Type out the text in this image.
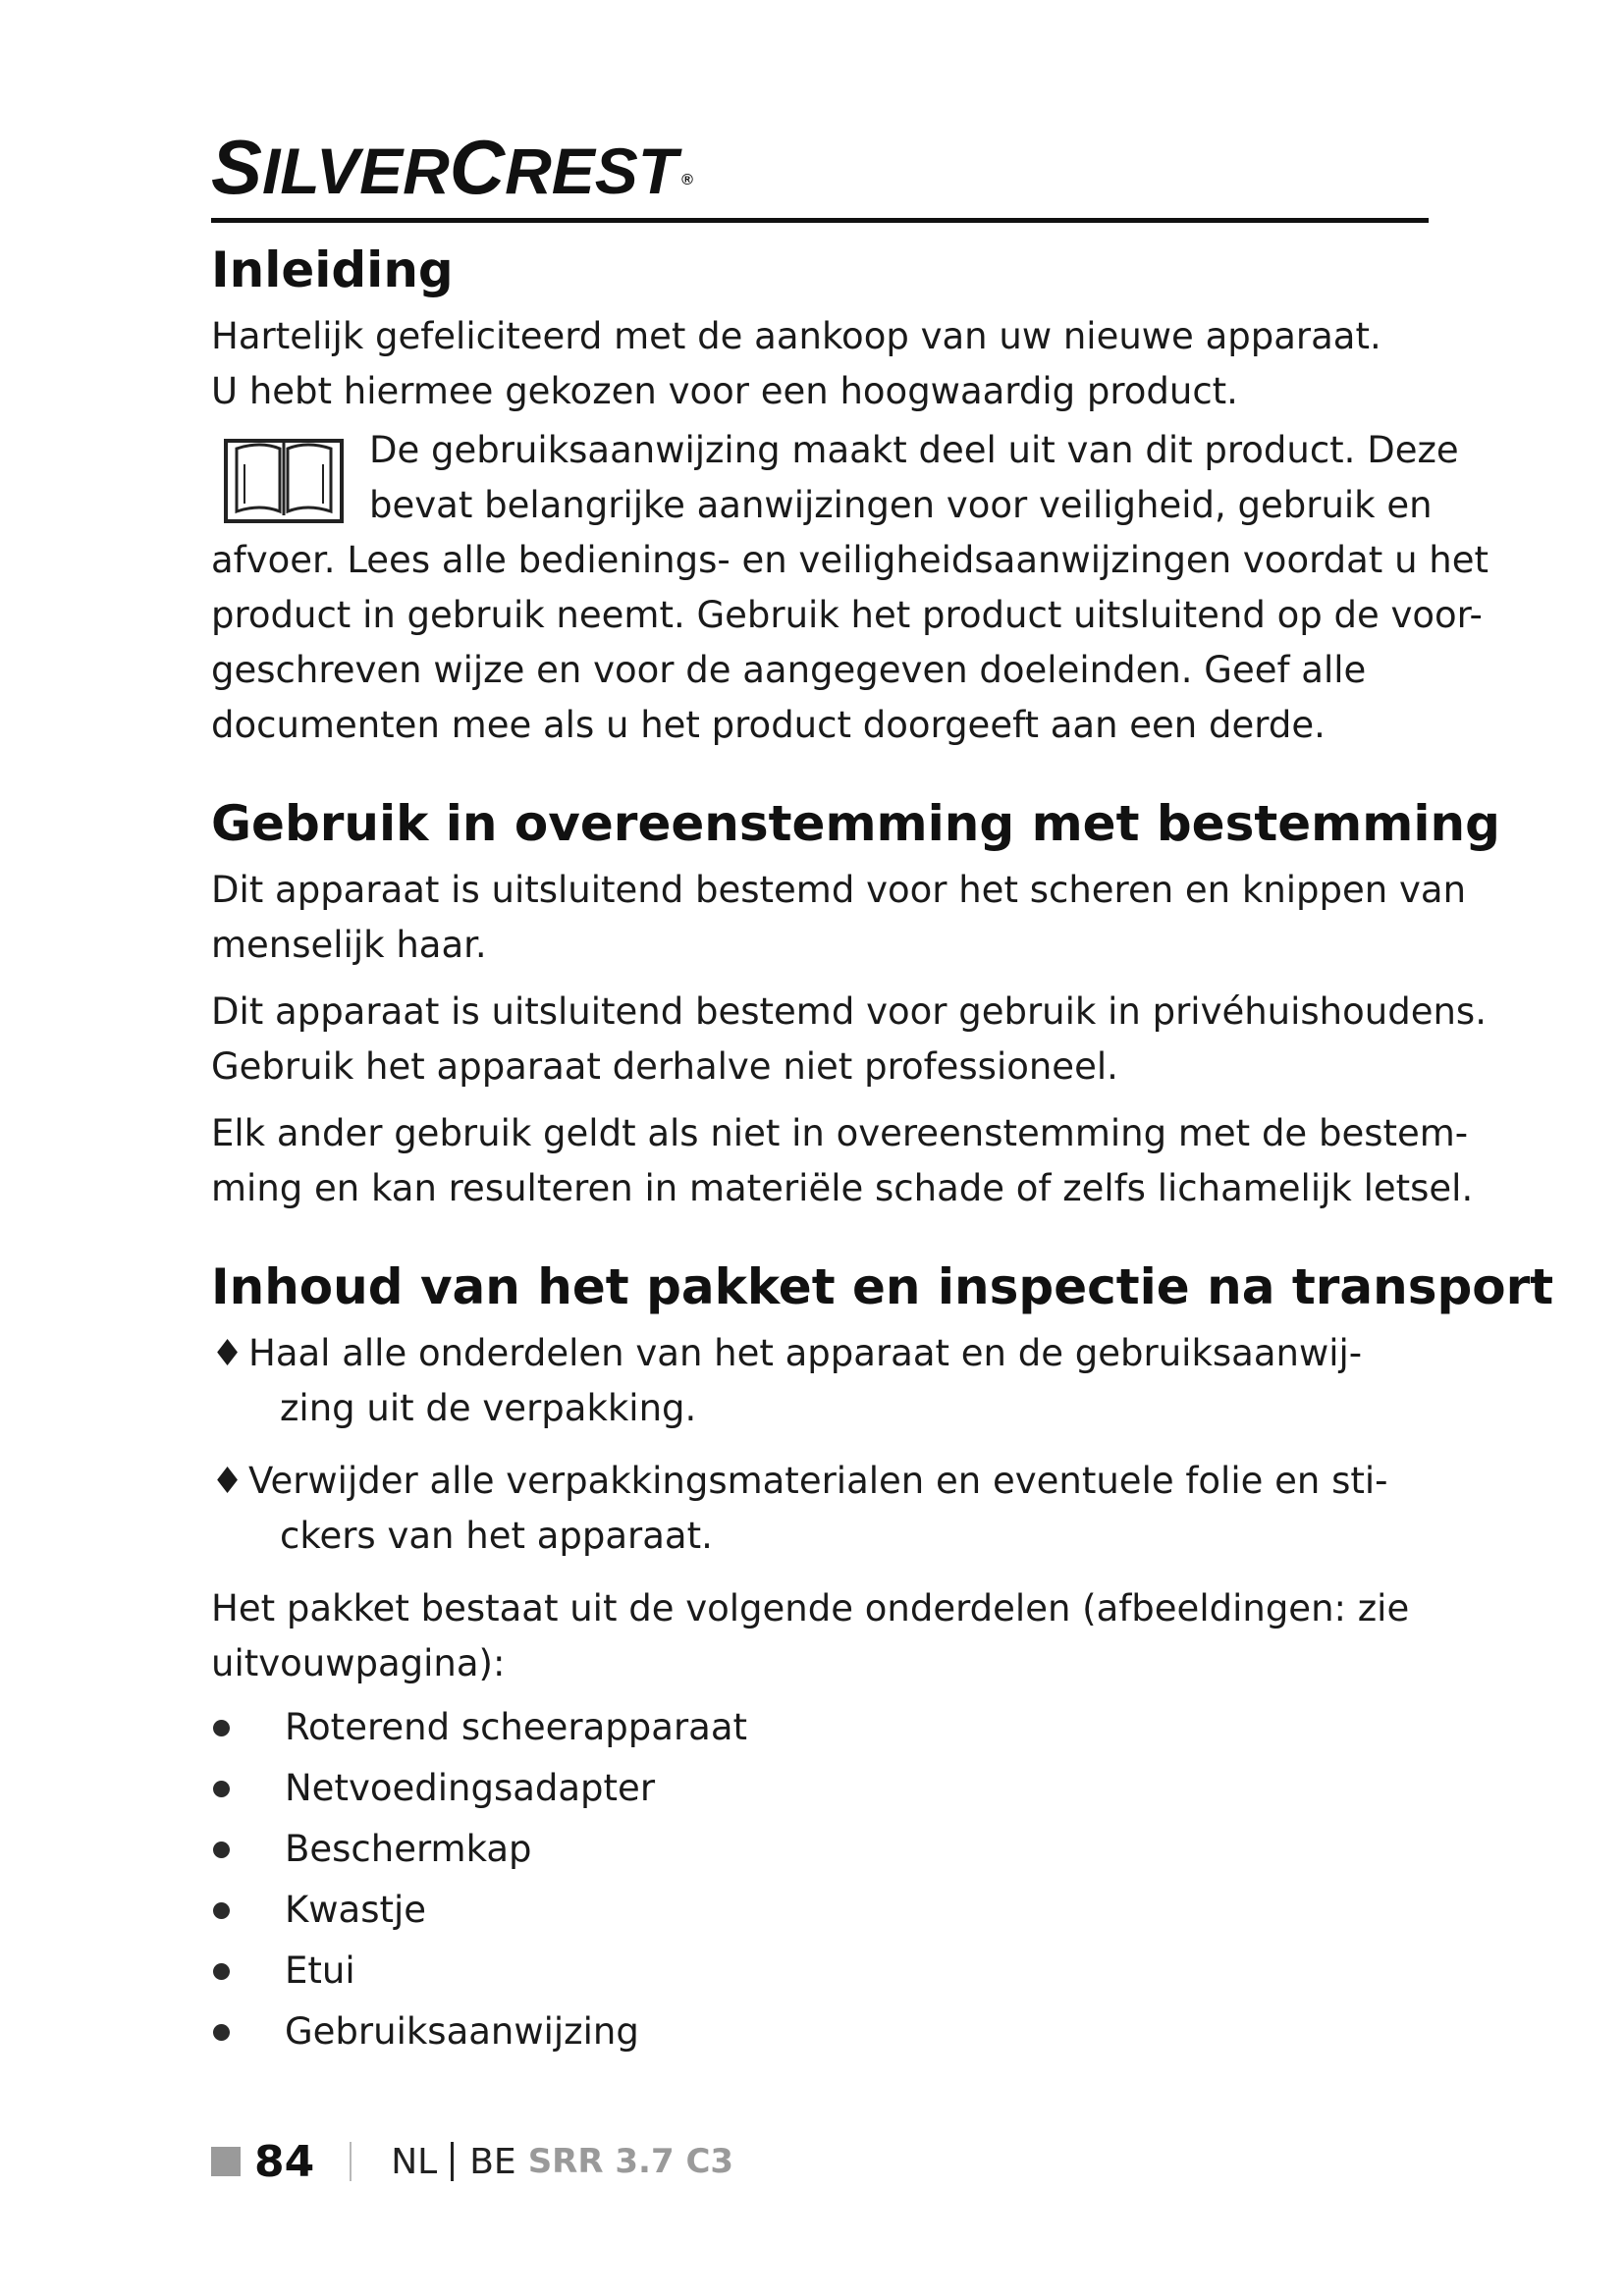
SILVERCREST ®
Inleiding

Hartelijk gefeliciteerd met de aankoop van uw nieuwe apparaat.

U hebt hiermee gekozen voor een hoogwaardig product.

De gebruiksaanwijzing maakt deel uit van dit product. Deze

bevat belangrijke aanwijzingen voor veiligheid, gebruik en

afvoer. Lees alle bedienings- en veiligheidsaanwijzingen voordat u het

product in gebruik neemt. Gebruik het product uitsluitend op de voor-

geschreven wijze en voor de aangegeven doeleinden. Geef alle

documenten mee als u het product doorgeeft aan een derde.

Gebruik in overeenstemming met bestemming

Dit apparaat is uitsluitend bestemd voor het scheren en knippen van

menselijk haar.

Dit apparaat is uitsluitend bestemd voor gebruik in privéhuishoudens.

Gebruik het apparaat derhalve niet professioneel.

Elk ander gebruik geldt als niet in overeenstemming met de bestem-

ming en kan resulteren in materiële schade of zelfs lichamelijk letsel.

Inhoud van het pakket en inspectie na transport

♦ Haal alle onderdelen van het apparaat en de gebruiksaanwij-

zing uit de verpakking.

♦ Verwijder alle verpakkingsmaterialen en eventuele folie en sti-

ckers van het apparaat.

Het pakket bestaat uit de volgende onderdelen (afbeeldingen: zie

uitvouwpagina):

Roterend scheerapparaat
Netvoedingsadapter
Beschermkap
Kwastje
Etui
Gebruiksaanwijzing
84 NL BE SRR 3.7 C3
